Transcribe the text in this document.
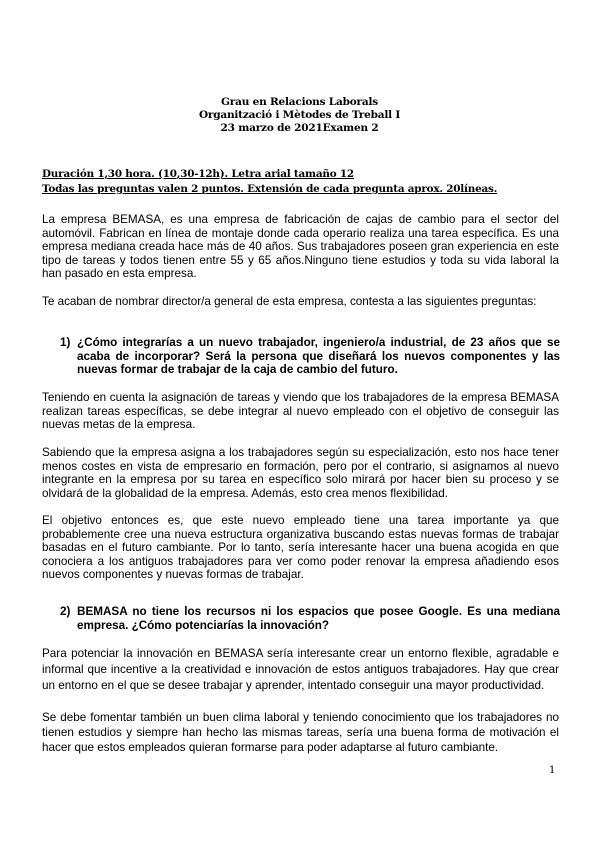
Grau en Relacions Laborals
Organització i Mètodes de Treball I
23 marzo de 2021Examen 2
Duración 1,30 hora. (10,30-12h). Letra arial tamaño 12
Todas las preguntas valen 2 puntos. Extensión de cada pregunta aprox. 20líneas.

La empresa BEMASA, es una empresa de fabricación de cajas de cambio para el sector del automóvil. Fabrican en línea de montaje donde cada operario realiza una tarea específica. Es una empresa mediana creada hace más de 40 años. Sus trabajadores poseen gran experiencia en este tipo de tareas y todos tienen entre 55 y 65 años.Ninguno tiene estudios y toda su vida laboral la han pasado en esta empresa.

Te acaban de nombrar director/a general de esta empresa, contesta a las siguientes preguntas:

1) ¿Cómo integrarías a un nuevo trabajador, ingeniero/a industrial, de 23 años que se acaba de incorporar? Será la persona que diseñará los nuevos componentes y las nuevas formar de trabajar de la caja de cambio del futuro.

Teniendo en cuenta la asignación de tareas y viendo que los trabajadores de la empresa BEMASA realizan tareas específicas, se debe integrar al nuevo empleado con el objetivo de conseguir las nuevas metas de la empresa.

Sabiendo que la empresa asigna a los trabajadores según su especialización, esto nos hace tener menos costes en vista de empresario en formación, pero por el contrario, si asignamos al nuevo integrante en la empresa por su tarea en específico solo mirará por hacer bien su proceso y se olvidará de la globalidad de la empresa. Además, esto crea menos flexibilidad.

El objetivo entonces es, que este nuevo empleado tiene una tarea importante ya que probablemente cree una nueva estructura organizativa buscando estas nuevas formas de trabajar basadas en el futuro cambiante. Por lo tanto, sería interesante hacer una buena acogida en que conociera a los antiguos trabajadores para ver como poder renovar la empresa añadiendo esos nuevos componentes y nuevas formas de trabajar.

2) BEMASA no tiene los recursos ni los espacios que posee Google. Es una mediana empresa. ¿Cómo potenciarías la innovación?

Para potenciar la innovación en BEMASA sería interesante crear un entorno flexible, agradable e informal que incentive a la creatividad e innovación de estos antiguos trabajadores. Hay que crear un entorno en el que se desee trabajar y aprender, intentado conseguir una mayor productividad.

Se debe fomentar también un buen clima laboral y teniendo conocimiento que los trabajadores no tienen estudios y siempre han hecho las mismas tareas, sería una buena forma de motivación el hacer que estos empleados quieran formarse para poder adaptarse al futuro cambiante.

1
